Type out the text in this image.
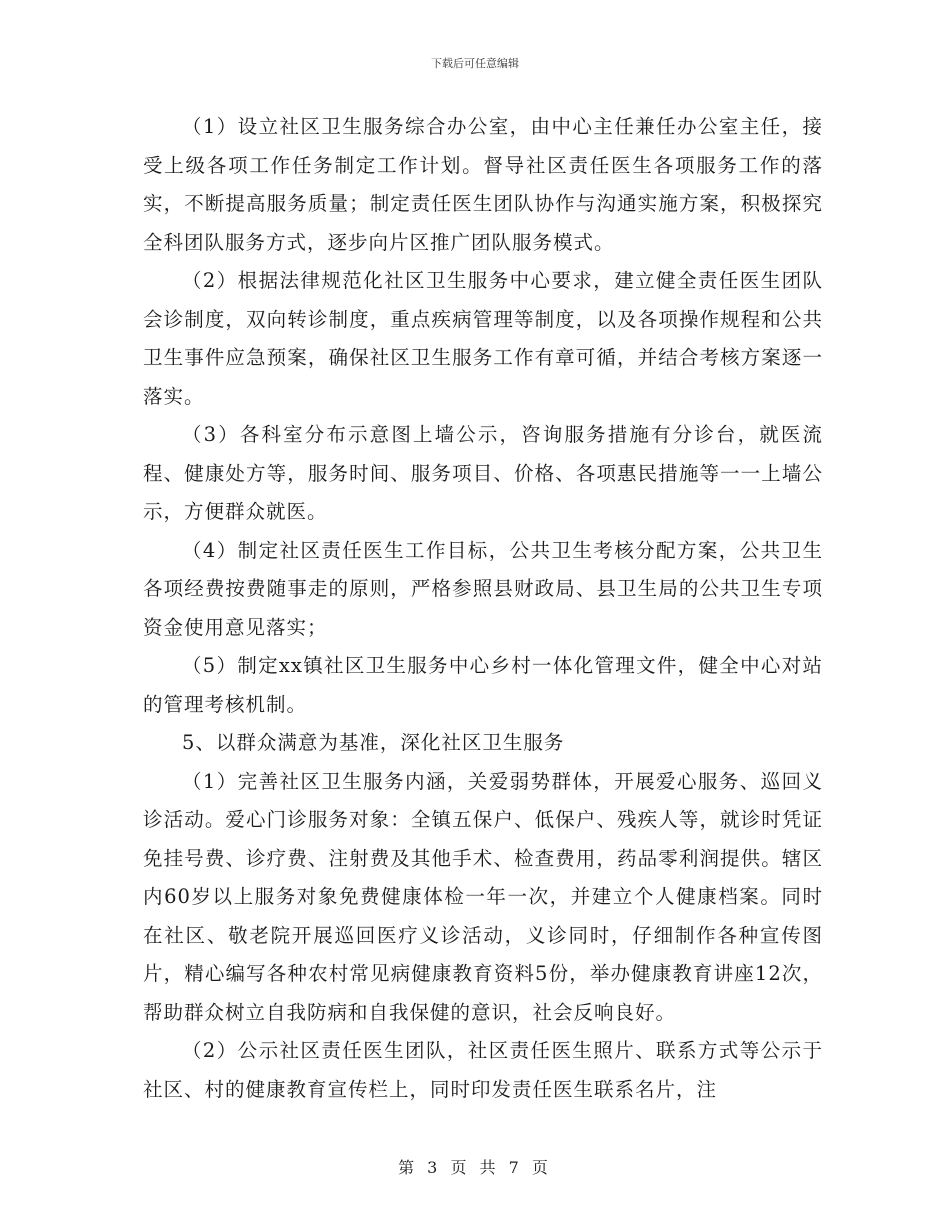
下载后可任意编辑

（1）设立社区卫生服务综合办公室，由中心主任兼任办公室主任，接受上级各项工作任务制定工作计划。督导社区责任医生各项服务工作的落实，不断提高服务质量；制定责任医生团队协作与沟通实施方案，积极探究全科团队服务方式，逐步向片区推广团队服务模式。

（2）根据法律规范化社区卫生服务中心要求，建立健全责任医生团队会诊制度，双向转诊制度，重点疾病管理等制度，以及各项操作规程和公共卫生事件应急预案，确保社区卫生服务工作有章可循，并结合考核方案逐一落实。

（3）各科室分布示意图上墙公示，咨询服务措施有分诊台，就医流程、健康处方等，服务时间、服务项目、价格、各项惠民措施等一一上墙公示，方便群众就医。

（4）制定社区责任医生工作目标，公共卫生考核分配方案，公共卫生各项经费按费随事走的原则，严格参照县财政局、县卫生局的公共卫生专项资金使用意见落实；

（5）制定xx镇社区卫生服务中心乡村一体化管理文件，健全中心对站的管理考核机制。

5、以群众满意为基准，深化社区卫生服务

（1）完善社区卫生服务内涵，关爱弱势群体，开展爱心服务、巡回义诊活动。爱心门诊服务对象：全镇五保户、低保户、残疾人等，就诊时凭证免挂号费、诊疗费、注射费及其他手术、检查费用，药品零利润提供。辖区内60岁以上服务对象免费健康体检一年一次，并建立个人健康档案。同时在社区、敬老院开展巡回医疗义诊活动，义诊同时，仔细制作各种宣传图片，精心编写各种农村常见病健康教育资料5份，举办健康教育讲座12次，帮助群众树立自我防病和自我保健的意识，社会反响良好。

（2）公示社区责任医生团队，社区责任医生照片、联系方式等公示于社区、村的健康教育宣传栏上，同时印发责任医生联系名片，注

第 3 页 共 7 页
